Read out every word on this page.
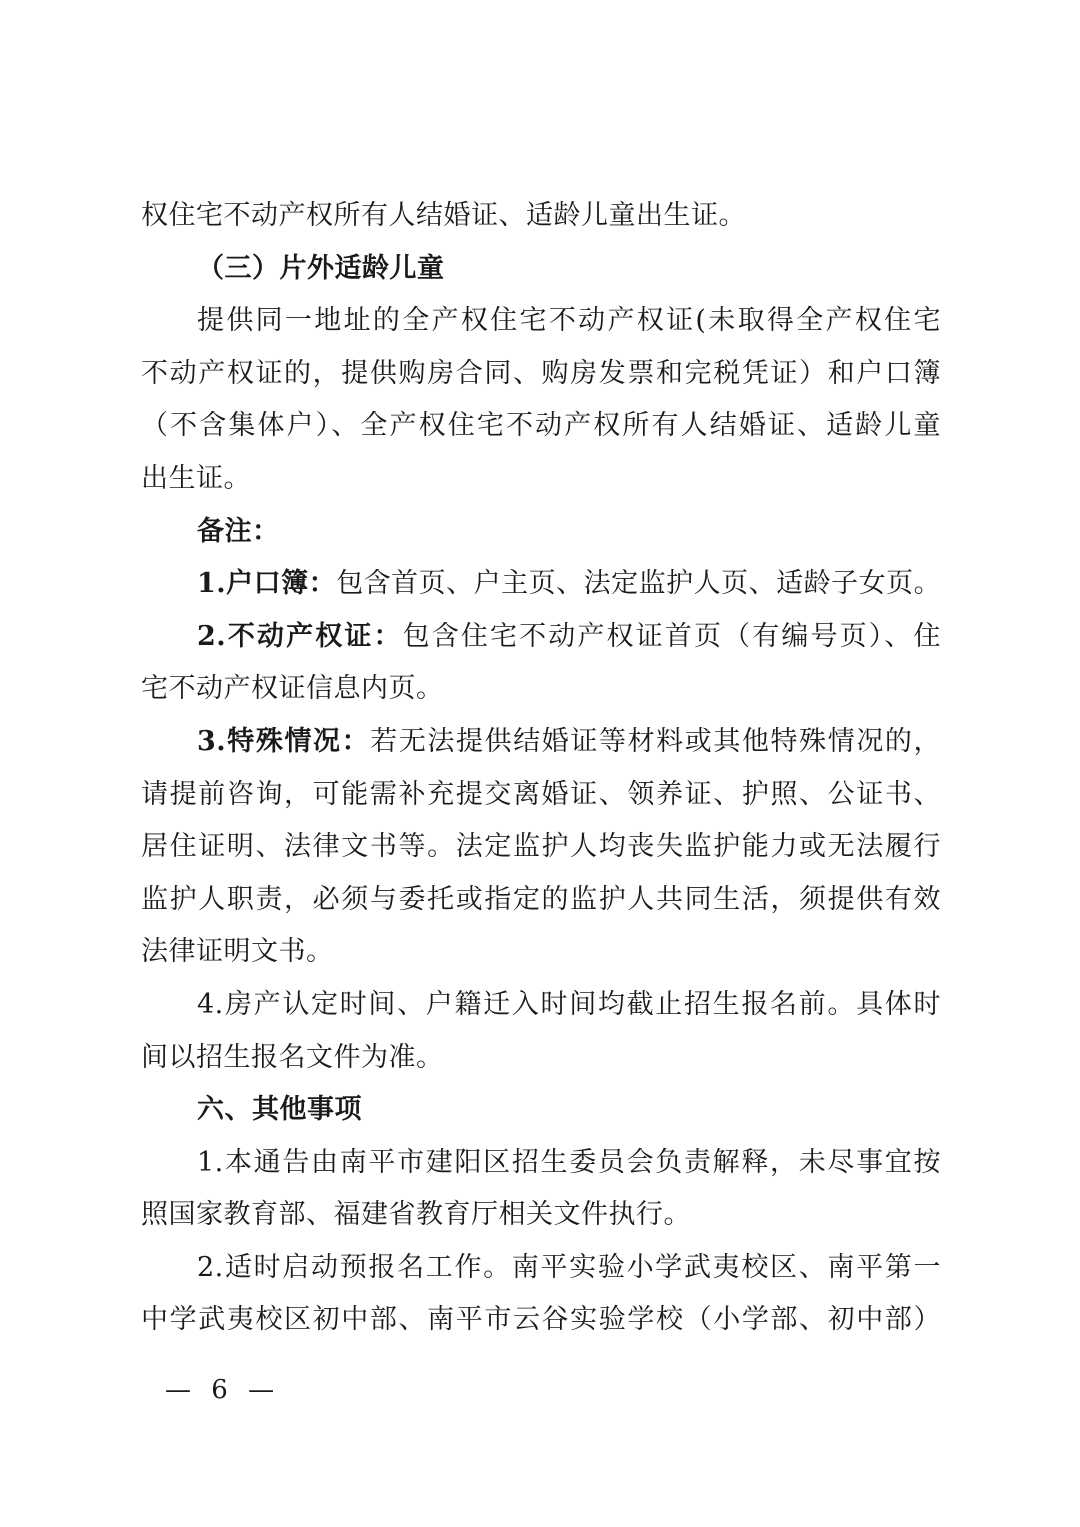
权住宅不动产权所有人结婚证、适龄儿童出生证。
（三）片外适龄儿童
提供同一地址的全产权住宅不动产权证(未取得全产权住宅
不动产权证的，提供购房合同、购房发票和完税凭证）和户口簿
（不含集体户）、全产权住宅不动产权所有人结婚证、适龄儿童
出生证。
备注：
1.户口簿：包含首页、户主页、法定监护人页、适龄子女页。
2.不动产权证：包含住宅不动产权证首页（有编号页）、住
宅不动产权证信息内页。
3.特殊情况：若无法提供结婚证等材料或其他特殊情况的，
请提前咨询，可能需补充提交离婚证、领养证、护照、公证书、
居住证明、法律文书等。法定监护人均丧失监护能力或无法履行
监护人职责，必须与委托或指定的监护人共同生活，须提供有效
法律证明文书。
4.房产认定时间、户籍迁入时间均截止招生报名前。具体时
间以招生报名文件为准。
六、其他事项
1.本通告由南平市建阳区招生委员会负责解释，未尽事宜按
照国家教育部、福建省教育厅相关文件执行。
2.适时启动预报名工作。南平实验小学武夷校区、南平第一
中学武夷校区初中部、南平市云谷实验学校（小学部、初中部）
— 6 —
